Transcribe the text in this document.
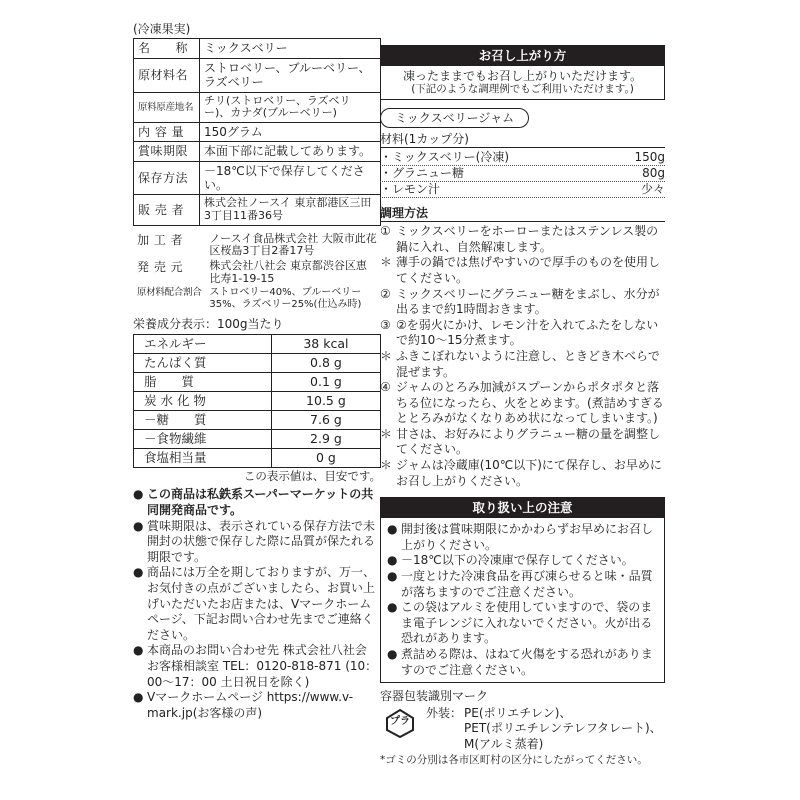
(冷凍果実)
名　　称	ミックスベリー
原材料名	ストロベリー、ブルーベリー、ラズベリー
原料原産地名	チリ(ストロベリー、ラズベリー)、カナダ(ブルーベリー)
内 容 量	150グラム
賞味期限	本面下部に記載してあります。
保存方法	－18℃以下で保存してください。
販 売 者	株式会社ノースイ 東京都港区三田3丁目11番36号
加 工 者	ノースイ食品株式会社 大阪市此花区桜島3丁目2番17号
発 売 元	株式会社八社会 東京都渋谷区恵比寿1-19-15
原材料配合割合	ストロベリー40%、ブルーベリー35%、ラズベリー25%(仕込み時)
栄養成分表示：100g当たり
エネルギー	38 kcal
たんぱく質	0.8 g
脂　　質	0.1 g
炭 水 化 物	10.5 g
－糖　　質	7.6 g
－食物繊維	2.9 g
食塩相当量	0 g
この表示値は、目安です。
● この商品は私鉄系スーパーマーケットの共同開発商品です。
● 賞味期限は、表示されている保存方法で未開封の状態で保存した際に品質が保たれる期限です。
● 商品には万全を期しておりますが、万一、お気付きの点がございましたら、お買い上げいただいたお店または、Vマークホームページ、下記お問い合わせ先までご連絡ください。
● 本商品のお問い合わせ先 株式会社八社会　お客様相談室 TEL：0120-818-871 (10：00～17：00 土日祝日を除く)
● Vマークホームページ https://www.v-mark.jp(お客様の声)
お召し上がり方
凍ったままでもお召し上がりいただけます。
(下記のような調理例でもご利用いただけます。)
ミックスベリージャム
材料(1カップ分)
・ミックスベリー(冷凍)	150g
・グラニュー糖	80g
・レモン汁	少々
調理方法
① ミックスベリーをホーローまたはステンレス製の鍋に入れ、自然解凍します。
＊ 薄手の鍋では焦げやすいので厚手のものを使用してください。
② ミックスベリーにグラニュー糖をまぶし、水分が出るまで約1時間おきます。
③ ②を弱火にかけ、レモン汁を入れてふたをしないで約10～15分煮ます。
＊ ふきこぼれないように注意し、ときどき木べらで混ぜます。
④ ジャムのとろみ加減がスプーンからポタポタと落ちる位になったら、火をとめます。(煮詰めすぎるととろみがなくなりあめ状になってしまいます。)
＊ 甘さは、お好みによりグラニュー糖の量を調整してください。
＊ ジャムは冷蔵庫(10℃以下)にて保存し、お早めにお召し上がりください。
取り扱い上の注意
● 開封後は賞味期限にかかわらずお早めにお召し上がりください。
● －18℃以下の冷凍庫で保存してください。
● 一度とけた冷凍食品を再び凍らせると味・品質が落ちますのでご注意ください。
● この袋はアルミを使用していますので、袋のまま電子レンジに入れないでください。火が出る恐れがあります。
● 煮詰める際は、はねて火傷をする恐れがありますのでご注意ください。
容器包装識別マーク
プラ
外装： PE(ポリエチレン)、
PET(ポリエチレンテレフタレート)、
M(アルミ蒸着)
*ゴミの分別は各市区町村の区分にしたがってください。
